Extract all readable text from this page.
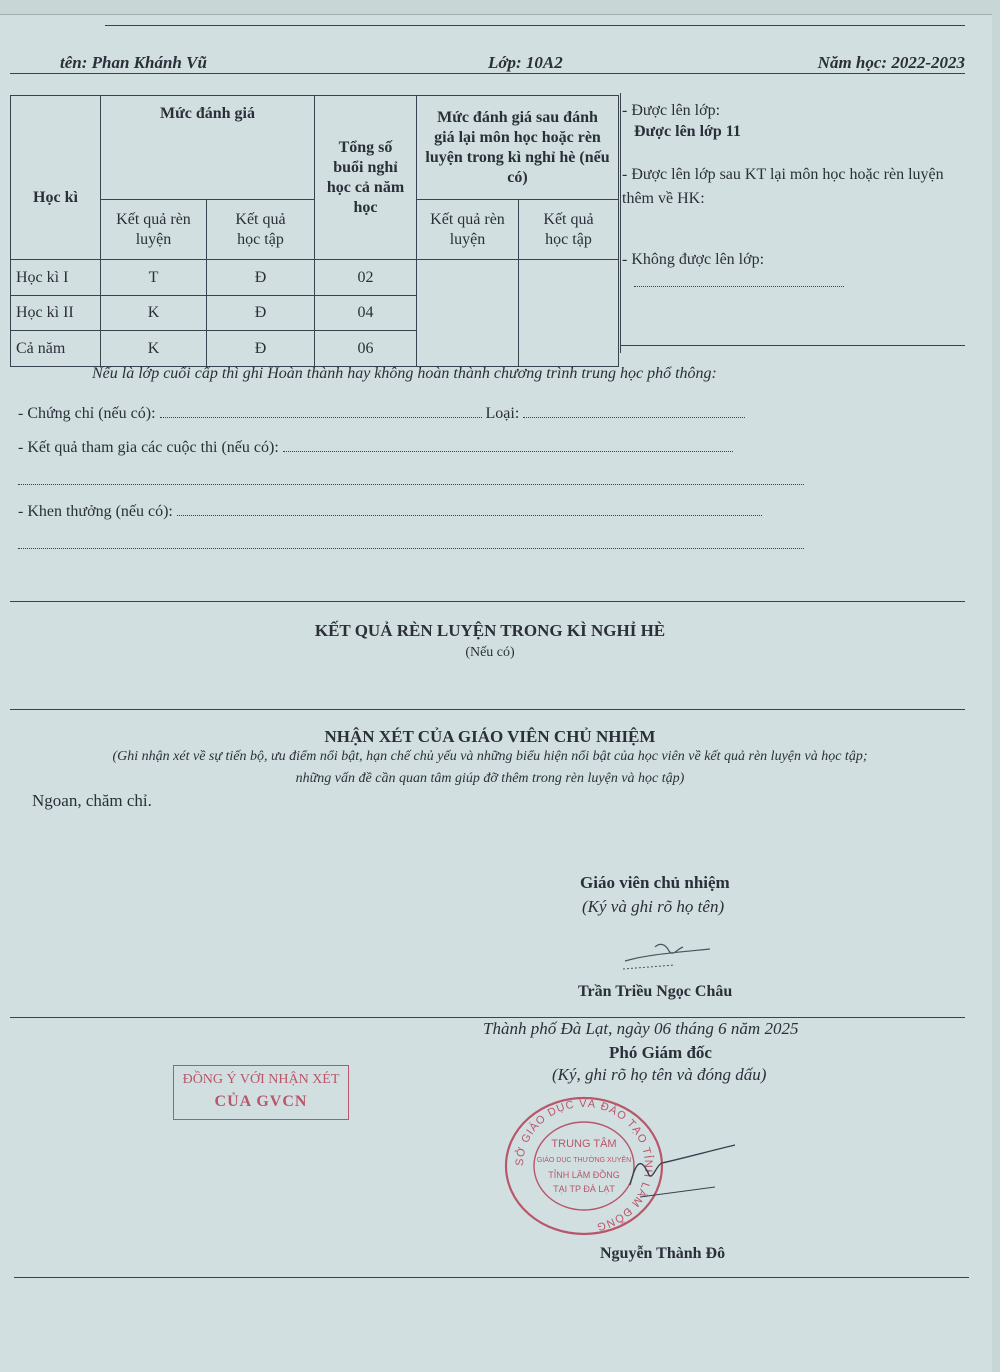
tên: Phan Khánh Vũ	Lớp: 10A2	Năm học: 2022-2023
Học kì	Mức đánh giá		Tổng số buổi nghỉ học cả năm học	Mức đánh giá sau đánh giá lại môn học hoặc rèn luyện trong kì nghỉ hè (nếu có)	
	Kết quả rèn luyện	Kết quả học tập		Kết quả rèn luyện	Kết quả học tập
Học kì I	T	Đ	02		
Học kì II	K	Đ	04		
Cả năm	K	Đ	06		
- Được lên lớp:
Được lên lớp 11
- Được lên lớp sau KT lại môn học hoặc rèn luyện thêm về HK:
- Không được lên lớp:
Nếu là lớp cuối cấp thì ghi Hoàn thành hay không hoàn thành chương trình trung học phổ thông:
- Chứng chỉ (nếu có):	Loại:
- Kết quả tham gia các cuộc thi (nếu có):
- Khen thưởng (nếu có):
KẾT QUẢ RÈN LUYỆN TRONG KÌ NGHỈ HÈ
(Nếu có)
NHẬN XÉT CỦA GIÁO VIÊN CHỦ NHIỆM
(Ghi nhận xét về sự tiến bộ, ưu điểm nổi bật, hạn chế chủ yếu và những biểu hiện nổi bật của học viên về kết quả rèn luyện và học tập;
những vấn đề cần quan tâm giúp đỡ thêm trong rèn luyện và học tập)
Ngoan, chăm chỉ.
Giáo viên chủ nhiệm
(Ký và ghi rõ họ tên)
Trần Triều Ngọc Châu
Thành phố Đà Lạt, ngày 06 tháng 6 năm 2025
Phó Giám đốc
(Ký, ghi rõ họ tên và đóng dấu)
ĐỒNG Ý VỚI NHẬN XÉT
CỦA GVCN
SỞ GIÁO DỤC VÀ ĐÀO TẠO TỈNH LÂM ĐỒNG
TRUNG TÂM
GIÁO DỤC THƯỜNG XUYÊN
TỈNH LÂM ĐỒNG
TẠI TP ĐÀ LẠT
Nguyễn Thành Đô
